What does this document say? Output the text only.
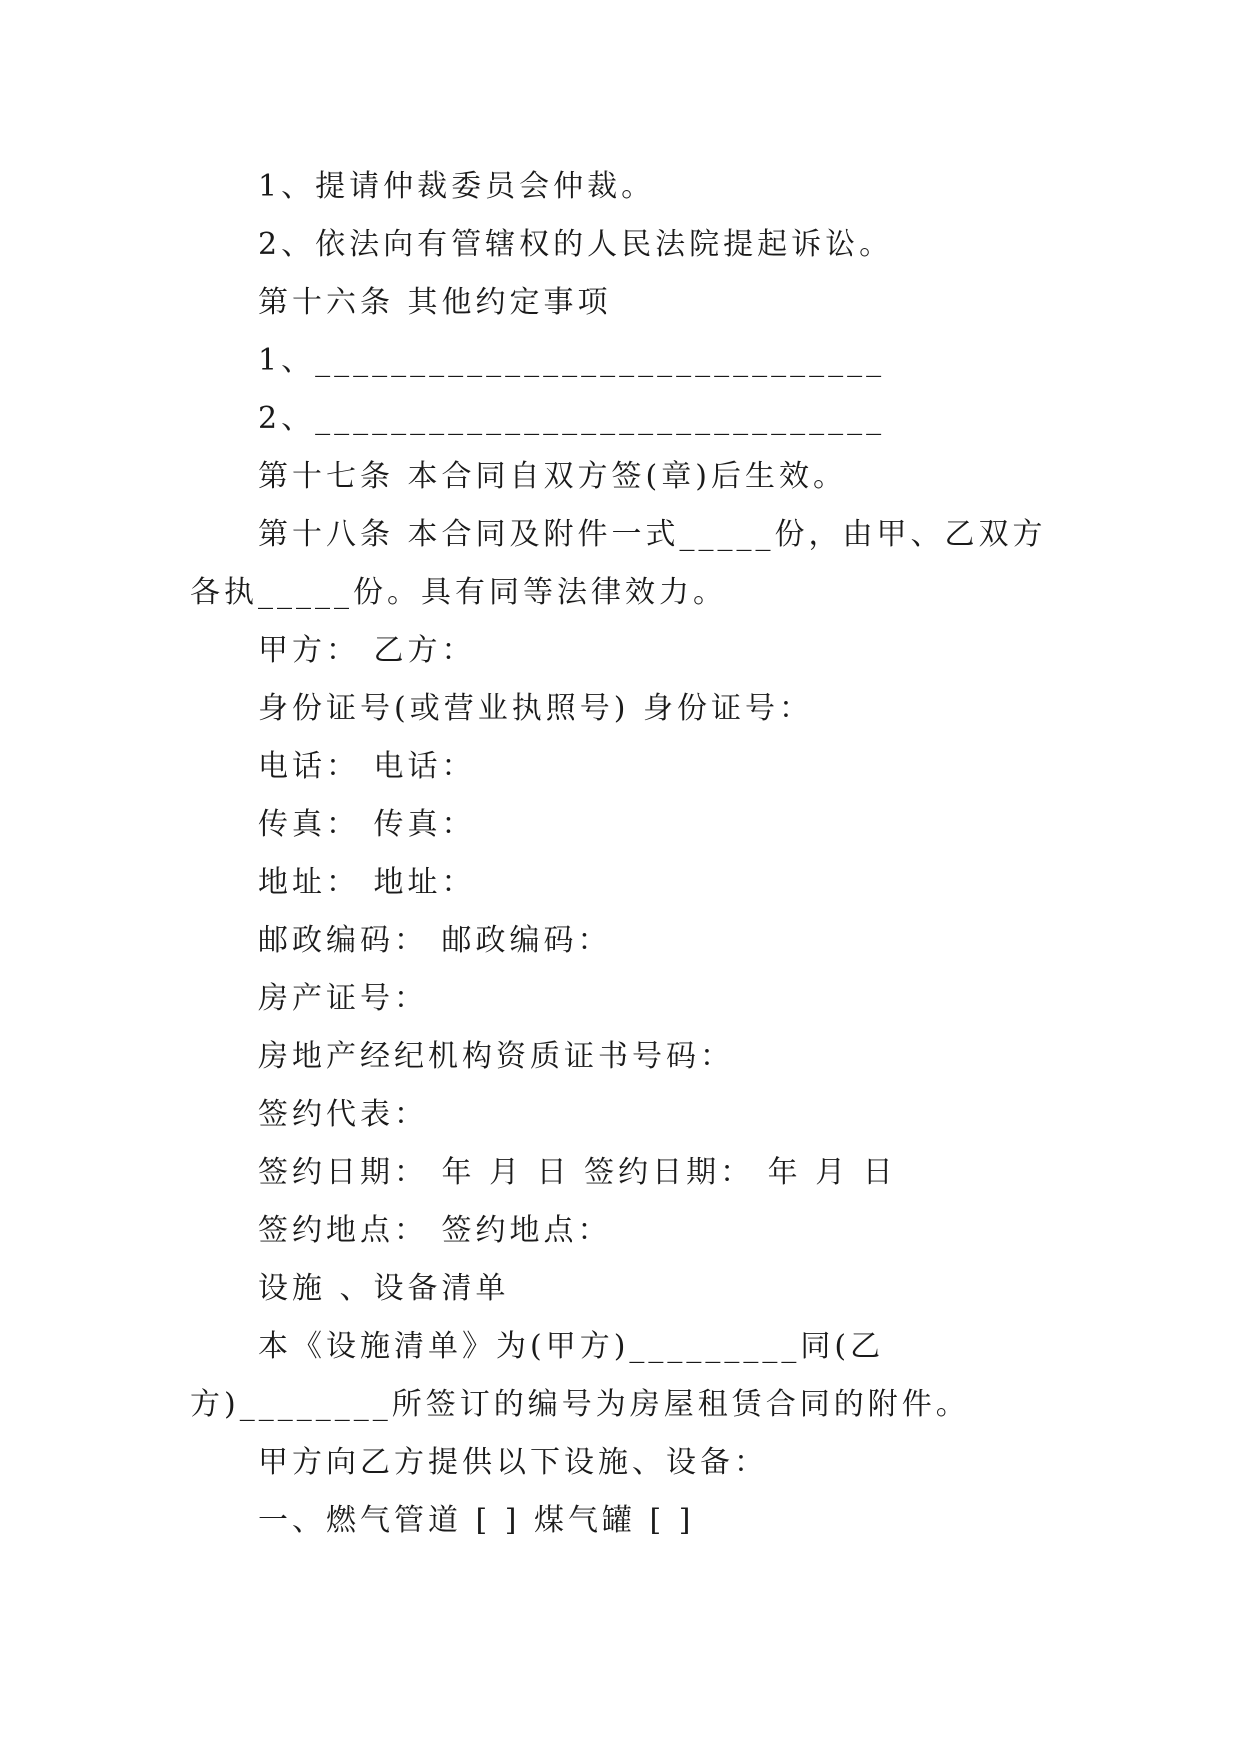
1、提请仲裁委员会仲裁。
2、依法向有管辖权的人民法院提起诉讼。
第十六条 其他约定事项
1、______________________________
2、______________________________
第十七条 本合同自双方签(章)后生效。
第十八条 本合同及附件一式_____份，由甲、乙双方各执_____份。具有同等法律效力。
甲方： 乙方：
身份证号(或营业执照号) 身份证号：
电话： 电话：
传真： 传真：
地址： 地址：
邮政编码： 邮政编码：
房产证号：
房地产经纪机构资质证书号码：
签约代表：
签约日期： 年 月 日 签约日期： 年 月 日
签约地点： 签约地点：
设施 、设备清单
本《设施清单》为(甲方)_________同(乙方)________所签订的编号为房屋租赁合同的附件。
甲方向乙方提供以下设施、设备：
一、燃气管道 [ ] 煤气罐 [ ]
